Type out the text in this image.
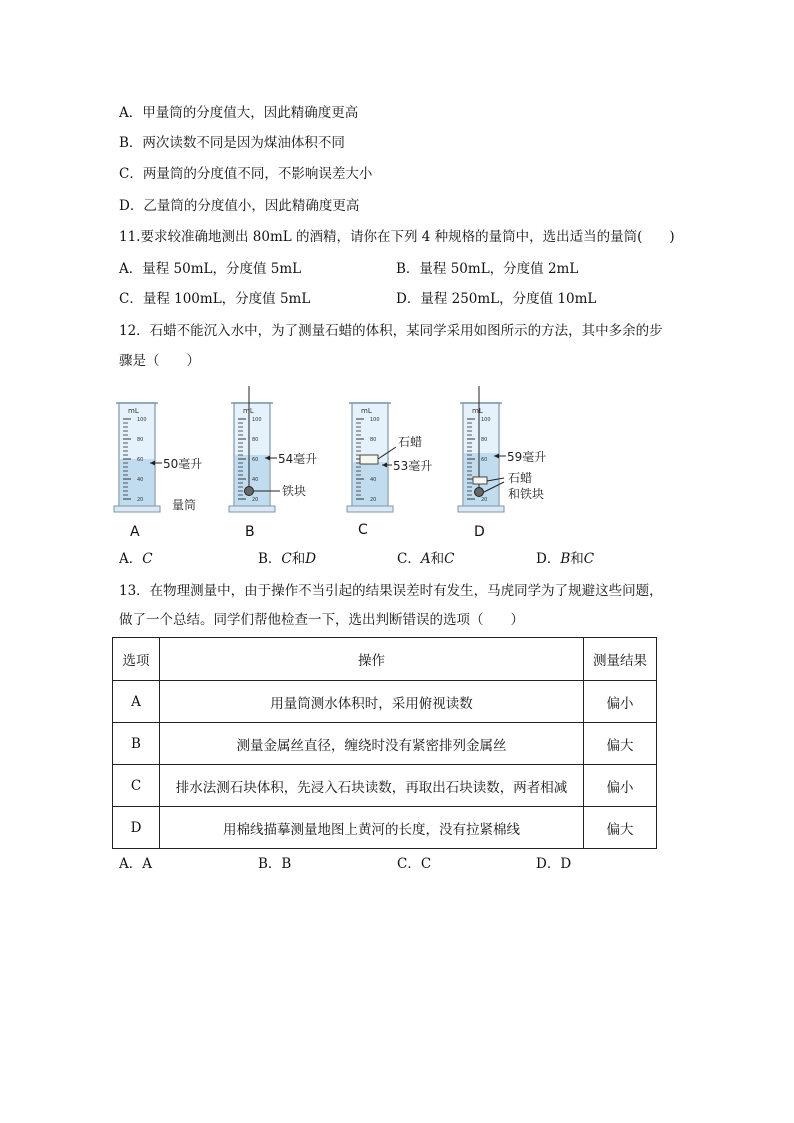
A．甲量筒的分度值大，因此精确度更高
B．两次读数不同是因为煤油体积不同
C．两量筒的分度值不同，不影响误差大小
D．乙量筒的分度值小，因此精确度更高
11.要求较准确地测出 80mL 的酒精，请你在下列 4 种规格的量筒中，选出适当的量筒(　　)
A．量程 50mL，分度值 5mL	B．量程 50mL，分度值 2mL
C．量程 100mL，分度值 5mL	D．量程 250mL，分度值 10mL
12．石蜡不能沉入水中，为了测量石蜡的体积，某同学采用如图所示的方法，其中多余的步
骤是（　　）
mL
100
80
60
40
20
50毫升
量筒
A
mL
100
80
60
40
20
54毫升
铁块
B
mL
100
80
40
20
石蜡
53毫升
C
mL
100
80
60
20
59毫升
石蜡
和铁块
D
A．C	B．C和D	C．A和C	D．B和C
13．在物理测量中，由于操作不当引起的结果误差时有发生，马虎同学为了规避这些问题，
做了一个总结。同学们帮他检查一下，选出判断错误的选项（　　）
选项	操作	测量结果
A	用量筒测水体积时，采用俯视读数	偏小
B	测量金属丝直径，缠绕时没有紧密排列金属丝	偏大
C	排水法测石块体积，先浸入石块读数，再取出石块读数，两者相减	偏小
D	用棉线描摹测量地图上黄河的长度，没有拉紧棉线	偏大
A．A	B．B	C．C	D．D
